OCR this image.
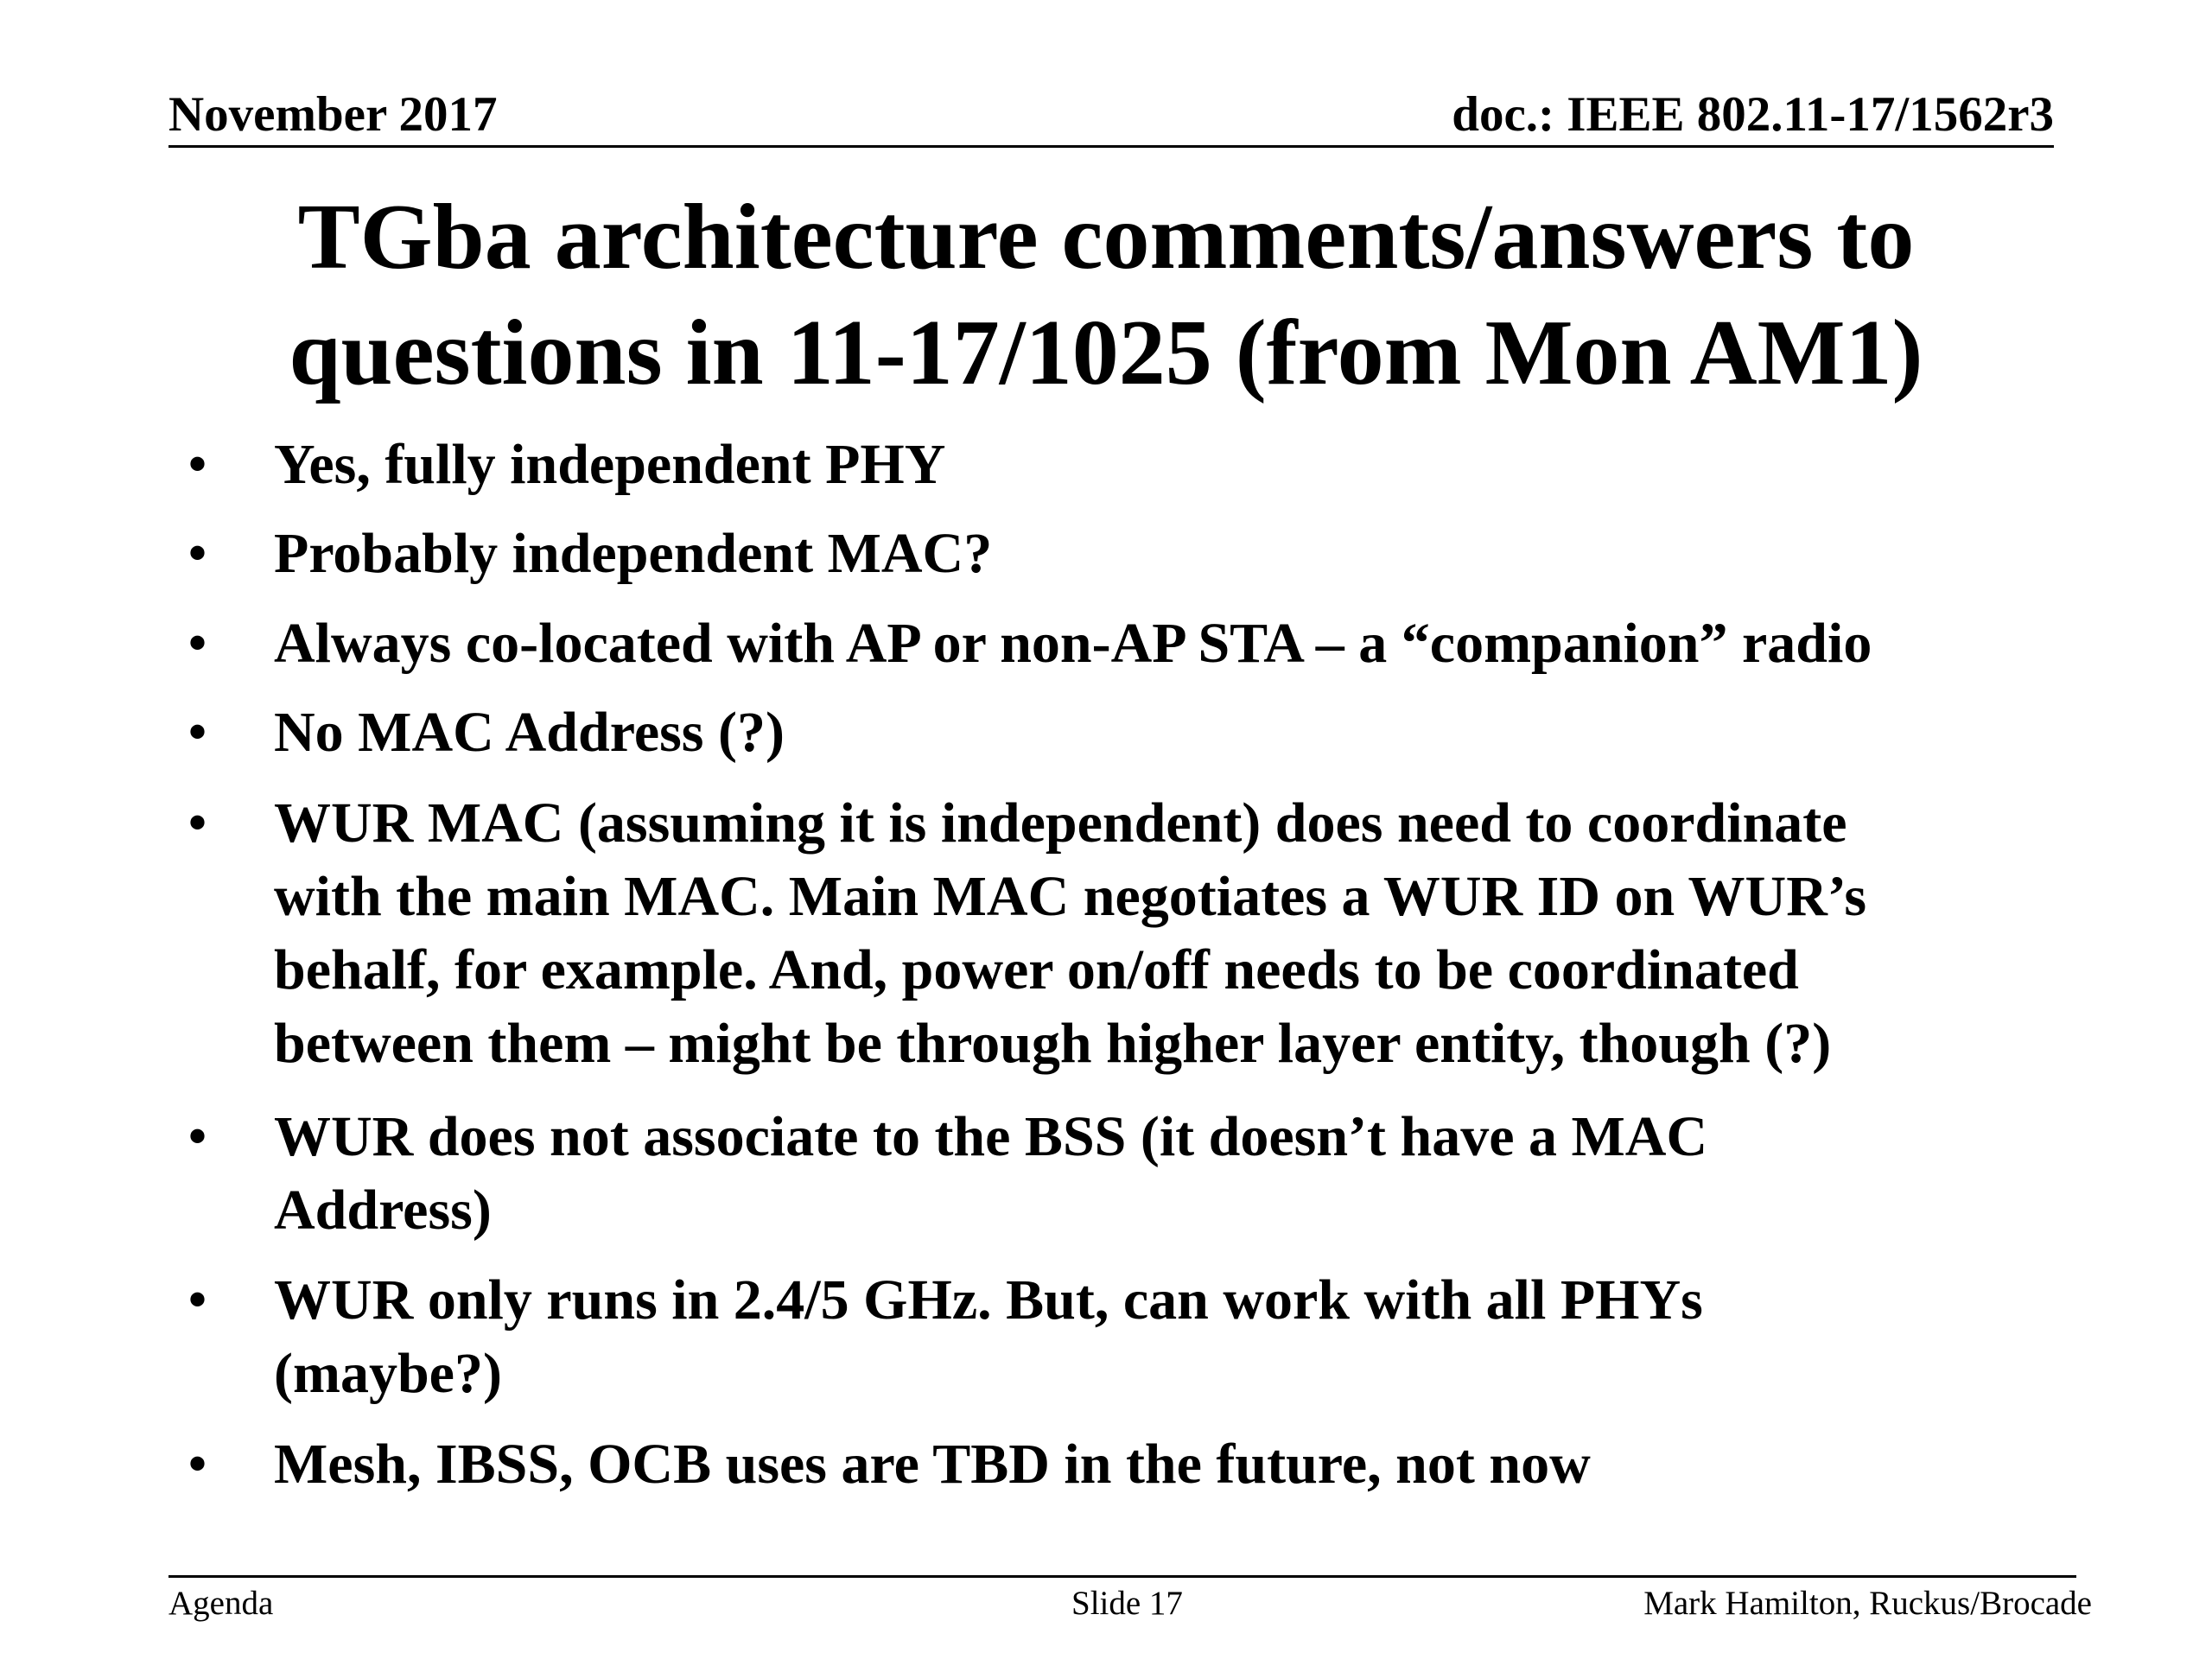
November 2017	doc.: IEEE 802.11-17/1562r3
TGba architecture comments/answers to
questions in 11-17/1025 (from Mon AM1)
• Yes, fully independent PHY
• Probably independent MAC?
• Always co-located with AP or non-AP STA – a “companion” radio
• No MAC Address (?)
• WUR MAC (assuming it is independent) does need to coordinate
with the main MAC. Main MAC negotiates a WUR ID on WUR’s
behalf, for example. And, power on/off needs to be coordinated
between them – might be through higher layer entity, though (?)
• WUR does not associate to the BSS (it doesn’t have a MAC
Address)
• WUR only runs in 2.4/5 GHz. But, can work with all PHYs
(maybe?)
• Mesh, IBSS, OCB uses are TBD in the future, not now
Agenda	Slide 17	Mark Hamilton, Ruckus/Brocade
